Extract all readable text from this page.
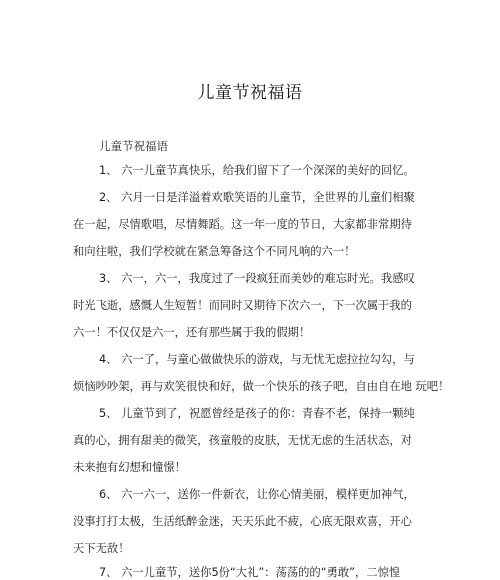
儿童节祝福语
儿童节祝福语
1、 六一儿童节真快乐，给我们留下了一个深深的美好的回忆。
2、 六月一日是洋溢着欢歌笑语的儿童节，全世界的儿童们相聚
在一起，尽情歌唱，尽情舞蹈。这一年一度的节日，大家都非常期待
和向往啦，我们学校就在紧急筹备这个不同凡响的六一！
3、 六一，六一，我度过了一段疯狂而美妙的难忘时光。我感叹
时光飞逝，感慨人生短暂！而同时又期待下次六一，下一次属于我的
六一！不仅仅是六一，还有那些属于我的假期！
4、 六一了，与童心做做快乐的游戏，与无忧无虑拉拉勾勾，与
烦恼吵吵架，再与欢笑很快和好，做一个快乐的孩子吧，自由自在地 玩吧！
5、 儿童节到了，祝愿曾经是孩子的你：青春不老，保持一颗纯
真的心，拥有甜美的微笑，孩童般的皮肤，无忧无虑的生活状态，对
未来抱有幻想和憧憬！
6、 六一六一，送你一件新衣，让你心情美丽，模样更加神气，
没事打打太极，生活纸醉金迷，天天乐此不疲，心底无限欢喜，开心
天下无敌！
7、 六一儿童节，送你5份“大礼”：荡荡的的“勇敢”，二惊惶
